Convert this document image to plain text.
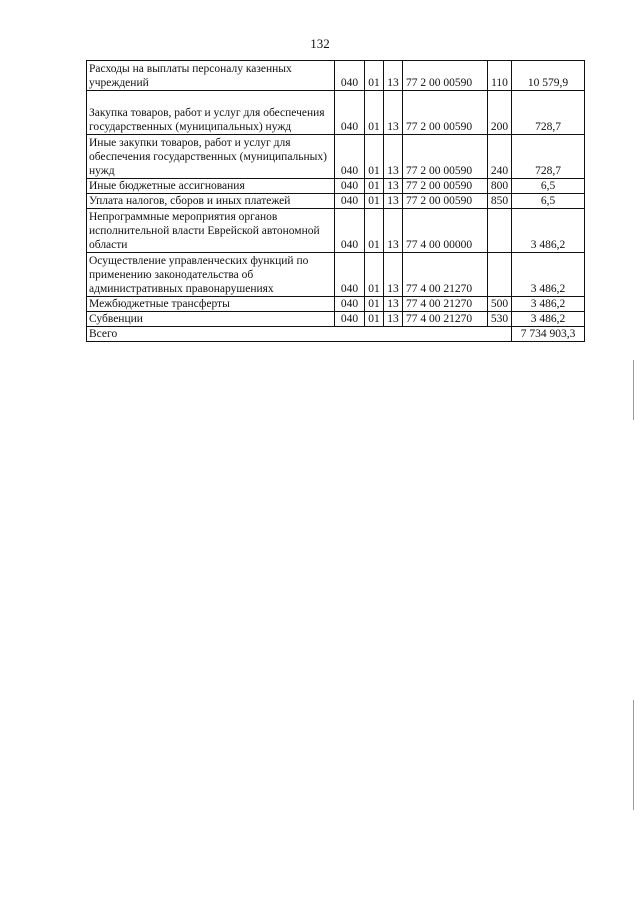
132
Расходы на выплаты персоналу казенных учреждений	040	01	13	77 2 00 00590	110	10 579,9
Закупка товаров, работ и услуг для обеспечения государственных (муниципальных) нужд	040	01	13	77 2 00 00590	200	728,7
Иные закупки товаров, работ и услуг для обеспечения государственных (муниципальных) нужд	040	01	13	77 2 00 00590	240	728,7
Иные бюджетные ассигнования	040	01	13	77 2 00 00590	800	6,5
Уплата налогов, сборов и иных платежей	040	01	13	77 2 00 00590	850	6,5
Непрограммные мероприятия органов исполнительной власти Еврейской автономной области	040	01	13	77 4 00 00000		3 486,2
Осуществление управленческих функций по применению законодательства об административных правонарушениях	040	01	13	77 4 00 21270		3 486,2
Межбюджетные трансферты	040	01	13	77 4 00 21270	500	3 486,2
Субвенции	040	01	13	77 4 00 21270	530	3 486,2
Всего						7 734 903,3
